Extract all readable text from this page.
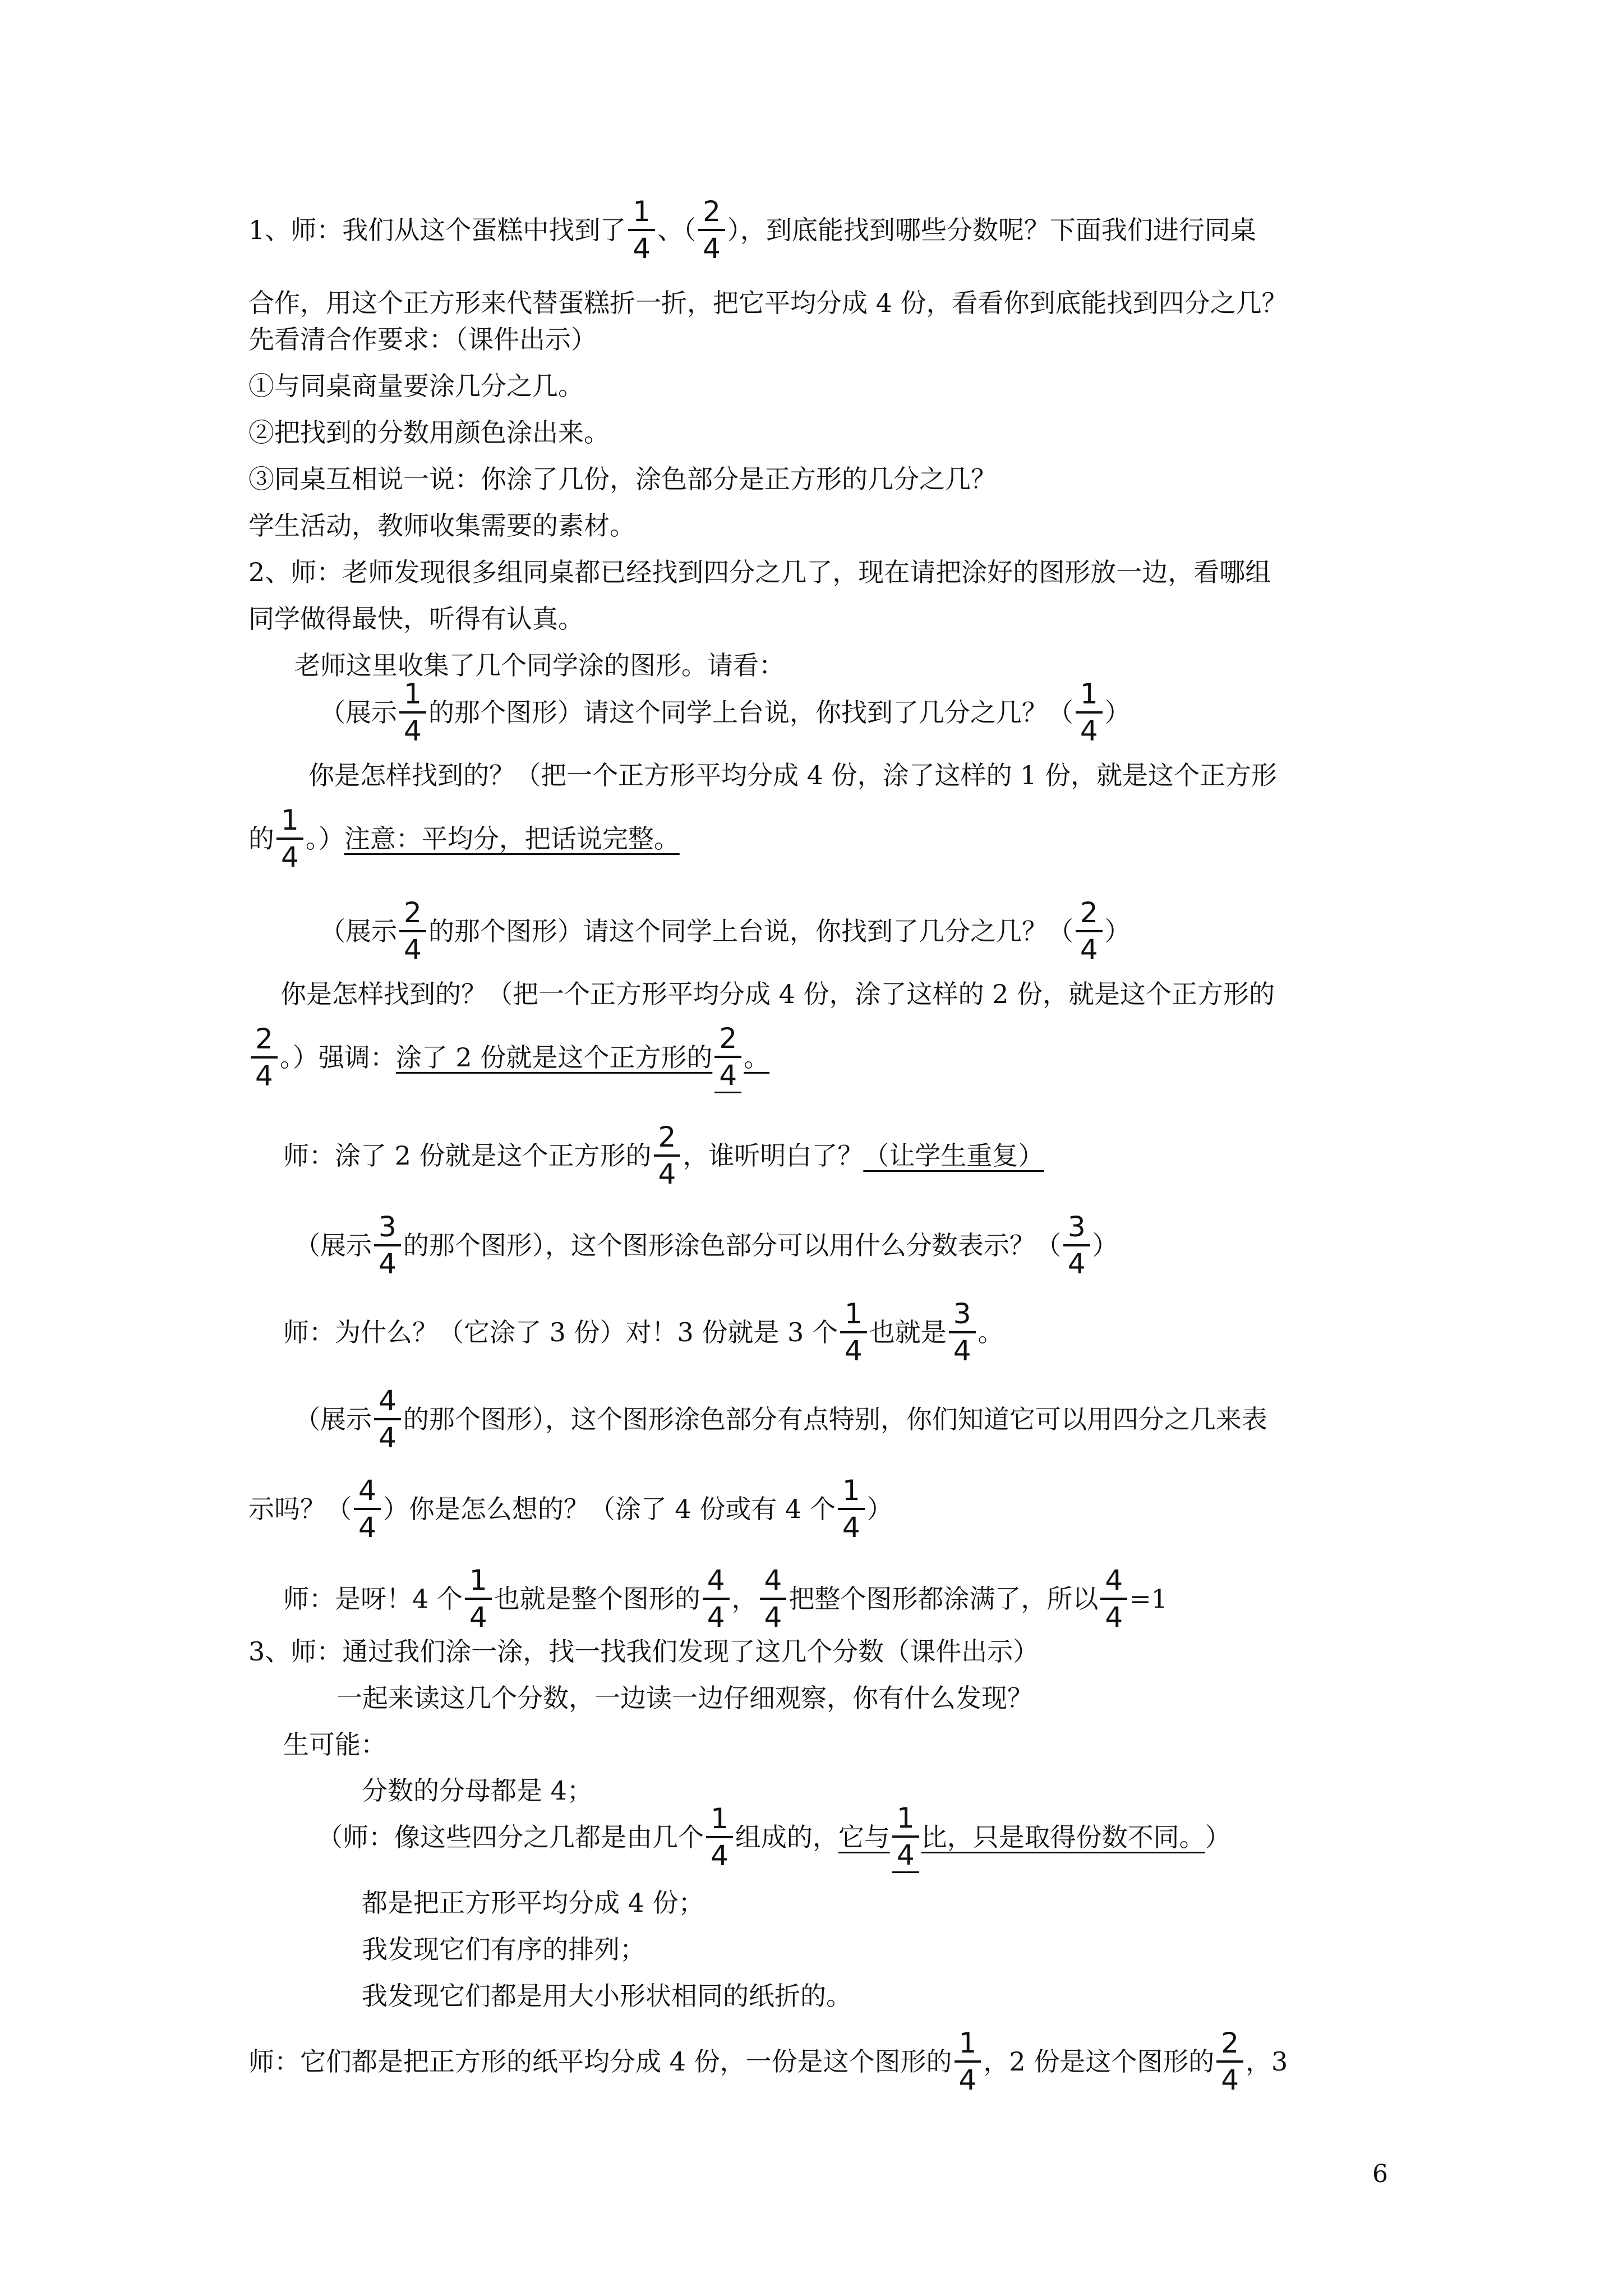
1、师：我们从这个蛋糕中找到了 $\frac{1}{4}$ 、（ $\frac{2}{4}$ ），到底能找到哪些分数呢？下面我们进行同桌
合作，用这个正方形来代替蛋糕折一折，把它平均分成 4 份，看看你到底能找到四分之几？
先看清合作要求：（课件出示）
①与同桌商量要涂几分之几。
②把找到的分数用颜色涂出来。
③同桌互相说一说：你涂了几份，涂色部分是正方形的几分之几？
学生活动，教师收集需要的素材。
2、师：老师发现很多组同桌都已经找到四分之几了，现在请把涂好的图形放一边，看哪组
同学做得最快，听得有认真。
老师这里收集了几个同学涂的图形。请看：
（展示 $\frac{1}{4}$ 的那个图形）请这个同学上台说，你找到了几分之几？（ $\frac{1}{4}$ ）
你是怎样找到的？（把一个正方形平均分成 4 份，涂了这样的 1 份，就是这个正方形
的 $\frac{1}{4}$ 。） 注意：平均分，把话说完整。
（展示 $\frac{2}{4}$ 的那个图形）请这个同学上台说，你找到了几分之几？（ $\frac{2}{4}$ ）
你是怎样找到的？（把一个正方形平均分成 4 份，涂了这样的 2 份，就是这个正方形的
$\frac{2}{4}$ 。）强调： 涂了 2 份就是这个正方形的 $\frac{2}{4}$ 。
师：涂了 2 份就是这个正方形的 $\frac{2}{4}$ ，谁听明白了？ （让学生重复）
（展示 $\frac{3}{4}$ 的那个图形），这个图形涂色部分可以用什么分数表示？（ $\frac{3}{4}$ ）
师：为什么？（它涂了 3 份）对！3 份就是 3 个 $\frac{1}{4}$ 也就是 $\frac{3}{4}$ 。
（展示 $\frac{4}{4}$ 的那个图形），这个图形涂色部分有点特别，你们知道它可以用四分之几来表
示吗？（ $\frac{4}{4}$ ）你是怎么想的？（涂了 4 份或有 4 个 $\frac{1}{4}$ ）
师：是呀！4 个 $\frac{1}{4}$ 也就是整个图形的 $\frac{4}{4}$ ， $\frac{4}{4}$ 把整个图形都涂满了，所以 $\frac{4}{4} =1$
3、师：通过我们涂一涂，找一找我们发现了这几个分数（课件出示）
一起来读这几个分数，一边读一边仔细观察，你有什么发现？
生可能：
分数的分母都是 4；
（师：像这些四分之几都是由几个 $\frac{1}{4}$ 组成的， 它与 $\frac{1}{4}$ 比，只是取得份数不同。 ）
都是把正方形平均分成 4 份；
我发现它们有序的排列；
我发现它们都是用大小形状相同的纸折的。
师：它们都是把正方形的纸平均分成 4 份，一份是这个图形的 $\frac{1}{4}$ ，2 份是这个图形的 $\frac{2}{4}$ ，3
6
